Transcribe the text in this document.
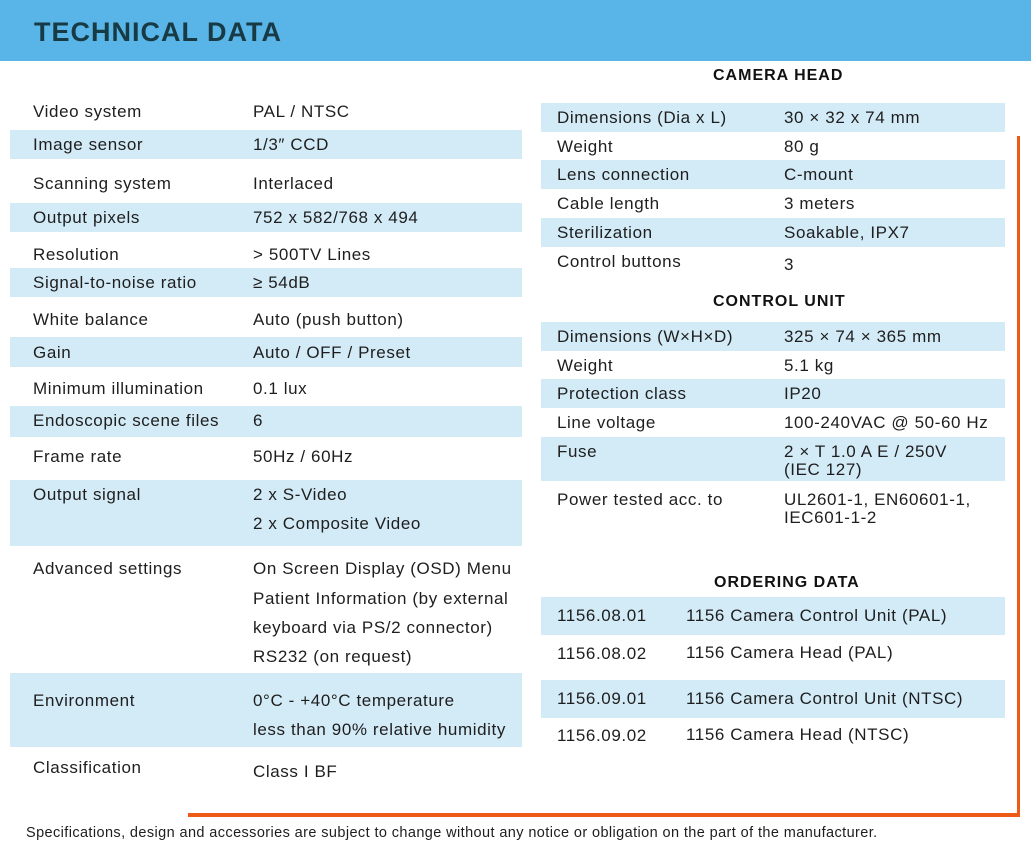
TECHNICAL DATA
Video system	PAL / NTSC
Image sensor	1/3″ CCD
Scanning system	Interlaced
Output pixels	752 x 582/768 x 494
Resolution	> 500TV Lines
Signal-to-noise ratio	≥ 54dB
White balance	Auto (push button)
Gain	Auto / OFF / Preset
Minimum illumination	0.1 lux
Endoscopic scene files 6
Frame rate	50Hz / 60Hz
Output signal	2 x S-Video
2 x Composite Video
Advanced settings	On Screen Display (OSD) Menu
Patient Information (by external
keyboard via PS/2 connector)
RS232 (on request)
Environment	0°C - +40°C temperature
less than 90% relative humidity
Classification	Class I BF
CAMERA HEAD
Dimensions (Dia x L)	30 × 32 x 74 mm
Weight	80 g
Lens connection	C-mount
Cable length	3 meters
Sterilization	Soakable, IPX7
Control buttons	3
CONTROL UNIT
Dimensions (W×H×D)	325 × 74 × 365 mm
Weight	5.1 kg
Protection class	IP20
Line voltage	100-240VAC @ 50-60 Hz
Fuse	2 × T 1.0 A E / 250V
(IEC 127)
Power tested acc. to	UL2601-1, EN60601-1,
IEC601-1-2
ORDERING DATA
1156.08.01 1156 Camera Control Unit (PAL)
1156.08.02 1156 Camera Head (PAL)
1156.09.01 1156 Camera Control Unit (NTSC)
1156.09.02 1156 Camera Head (NTSC)
Specifications, design and accessories are subject to change without any notice or obligation on the part of the manufacturer.
